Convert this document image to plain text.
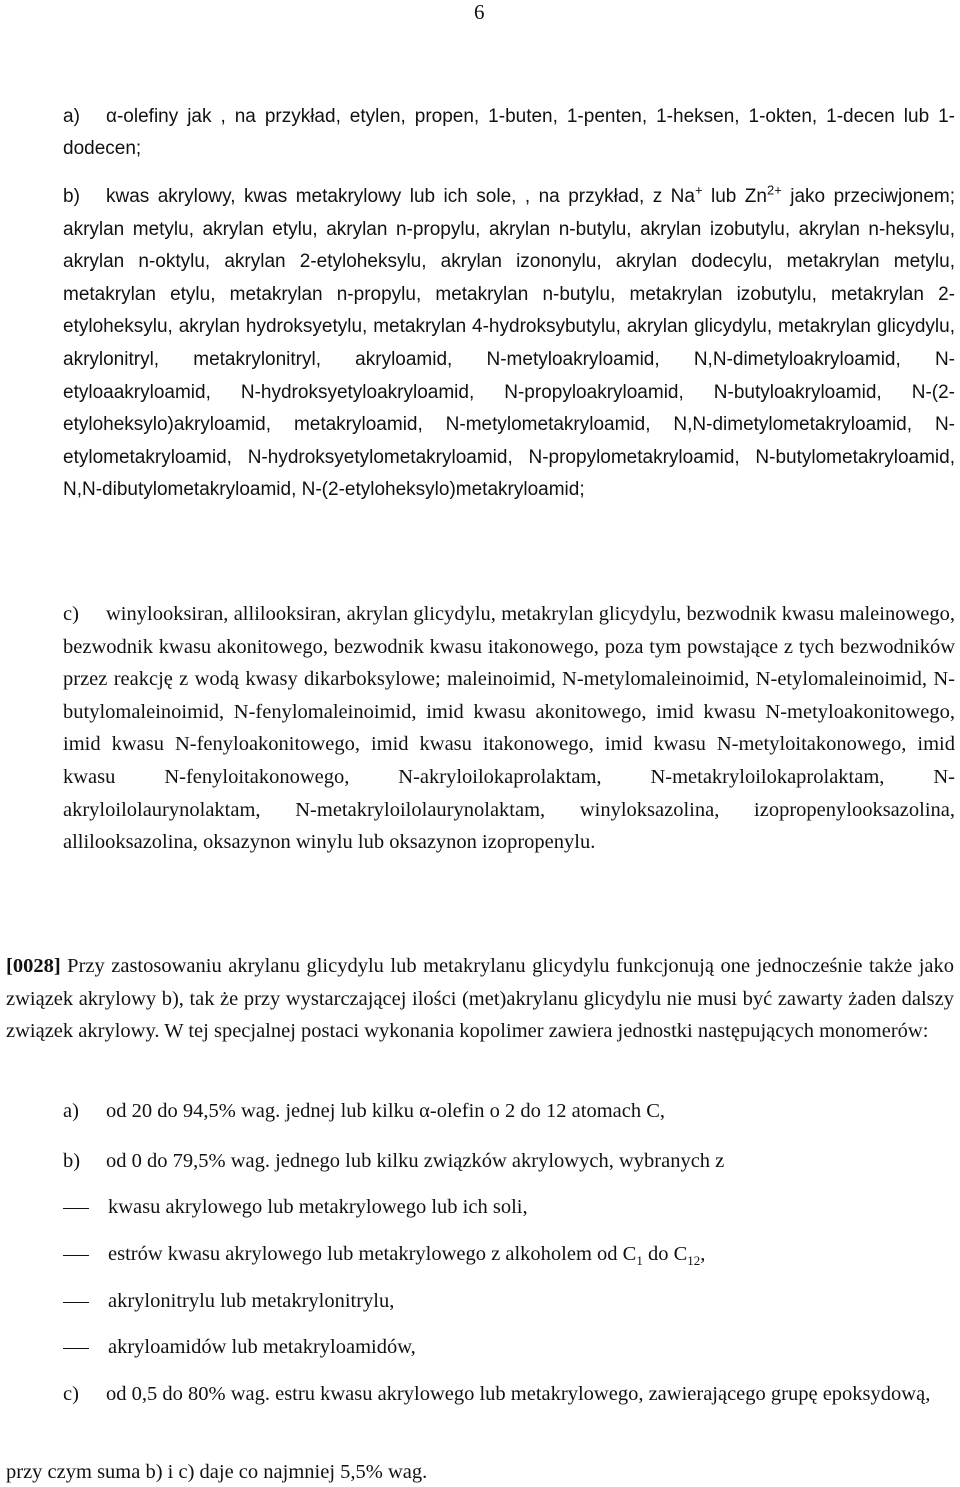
6
a) α-olefiny jak , na przykład, etylen, propen, 1-buten, 1-penten, 1-heksen, 1-okten, 1-decen lub 1-dodecen;
b) kwas akrylowy, kwas metakrylowy lub ich sole, , na przykład, z Na+ lub $Zn^{2+}$ jako przeciwjonem; akrylan metylu, akrylan etylu, akrylan n-propylu, akrylan n-butylu, akrylan izobutylu, akrylan n-heksylu, akrylan n-oktylu, akrylan 2-etyloheksylu, akrylan izononylu, akrylan dodecylu, metakrylan metylu, metakrylan etylu, metakrylan n-propylu, metakrylan n-butylu, metakrylan izobutylu, metakrylan 2-etyloheksylu, akrylan hydroksyetylu, metakrylan 4-hydroksybutylu, akrylan glicydylu, metakrylan glicydylu, akrylonitryl, metakrylonitryl, akryloamid, N-metyloakryloamid, N,N-dimetyloakryloamid, N-etyloaakryloamid, N-hydroksyetyloakryloamid, N-propyloakryloamid, N-butyloakryloamid, N-(2-etyloheksylo)akryloamid, metakryloamid, N-metylometakryloamid, N,N-dimetylometakryloamid, N-etylometakryloamid, N-hydroksyetylometakryloamid, N-propylometakryloamid, N-butylometakryloamid, N,N-dibutylometakryloamid, N-(2-etyloheksylo)metakryloamid;
c) winylooksiran, allilooksiran, akrylan glicydylu, metakrylan glicydylu, bezwodnik kwasu maleinowego, bezwodnik kwasu akonitowego, bezwodnik kwasu itakonowego, poza tym powstające z tych bezwodników przez reakcję z wodą kwasy dikarboksylowe; maleinoimid, N-metylomaleinoimid, N-etylomaleinoimid, N-butylomaleinoimid, N-fenylomaleinoimid, imid kwasu akonitowego, imid kwasu N-metyloakonitowego, imid kwasu N-fenyloakonitowego, imid kwasu itakonowego, imid kwasu N-metyloitakonowego, imid kwasu N-fenyloitakonowego, N-akryloilokaprolaktam, N-metakryloilokaprolaktam, N-akryloilolaurynolaktam, N-metakryloilolaurynolaktam, winyloksazolina, izopropenylooksazolina, allilooksazolina, oksazynon winylu lub oksazynon izopropenylu.
[0028] Przy zastosowaniu akrylanu glicydylu lub metakrylanu glicydylu funkcjonują one jednocześnie także jako związek akrylowy b), tak że przy wystarczającej ilości (met)akrylanu glicydylu nie musi być zawarty żaden dalszy związek akrylowy. W tej specjalnej postaci wykonania kopolimer zawiera jednostki następujących monomerów:
a) od 20 do 94,5% wag. jednej lub kilku α-olefin o 2 do 12 atomach C,
b) od 0 do 79,5% wag. jednego lub kilku związków akrylowych, wybranych z
kwasu akrylowego lub metakrylowego lub ich soli,
estrów kwasu akrylowego lub metakrylowego z alkoholem od $C_1$ do $C_{12}$,
akrylonitrylu lub metakrylonitrylu,
akryloamidów lub metakryloamidów,
c) od 0,5 do 80% wag. estru kwasu akrylowego lub metakrylowego, zawierającego grupę epoksydową,
przy czym suma b) i c) daje co najmniej 5,5% wag.
